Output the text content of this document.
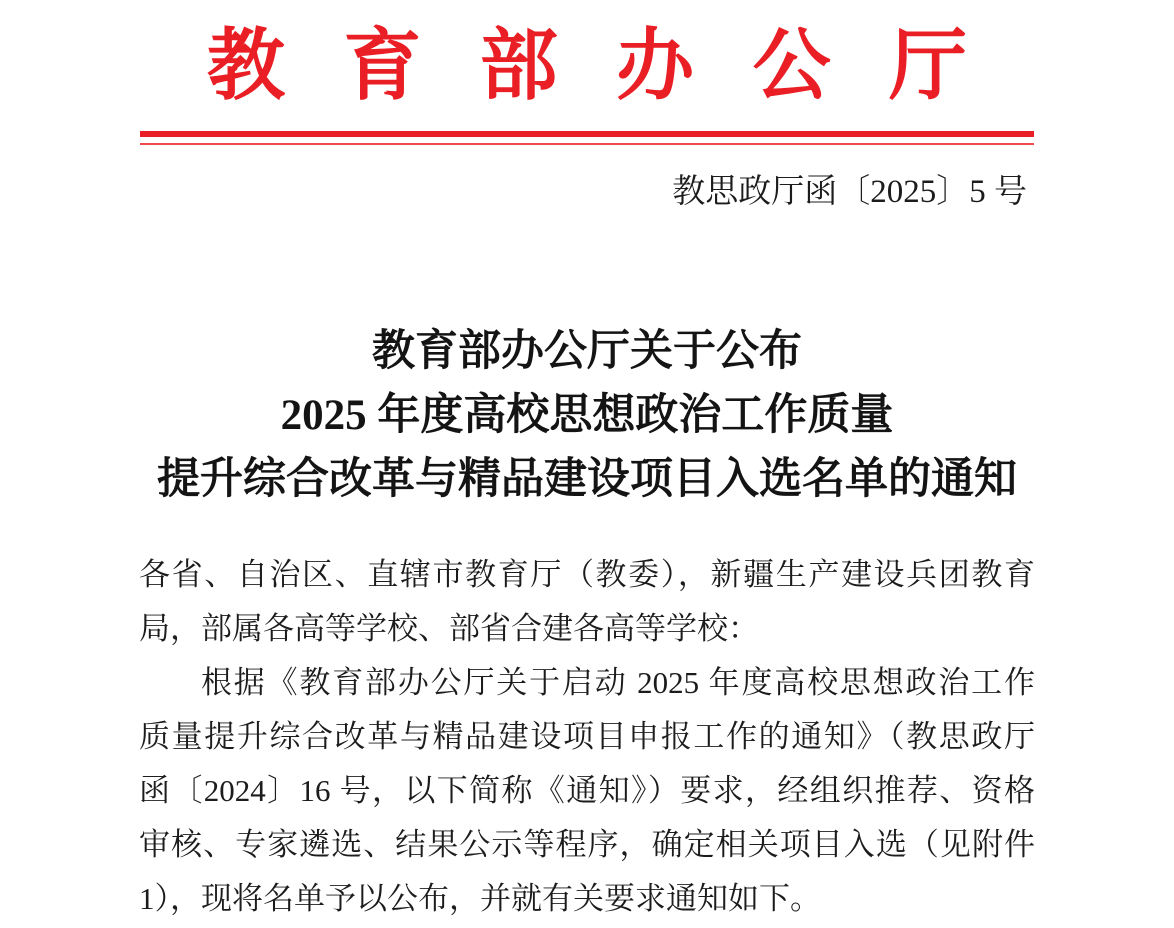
教 育 部 办 公 厅
教思政厅函〔2025〕5 号
教育部办公厅关于公布
2025 年度高校思想政治工作质量
提升综合改革与精品建设项目入选名单的通知
各省、自治区、直辖市教育厅（教委），新疆生产建设兵团教育
局，部属各高等学校、部省合建各高等学校：
根据《教育部办公厅关于启动 2025 年度高校思想政治工作
质量提升综合改革与精品建设项目申报工作的通知》（教思政厅
函〔2024〕16 号，以下简称《通知》）要求，经组织推荐、资格
审核、专家遴选、结果公示等程序，确定相关项目入选（见附件
1），现将名单予以公布，并就有关要求通知如下。
